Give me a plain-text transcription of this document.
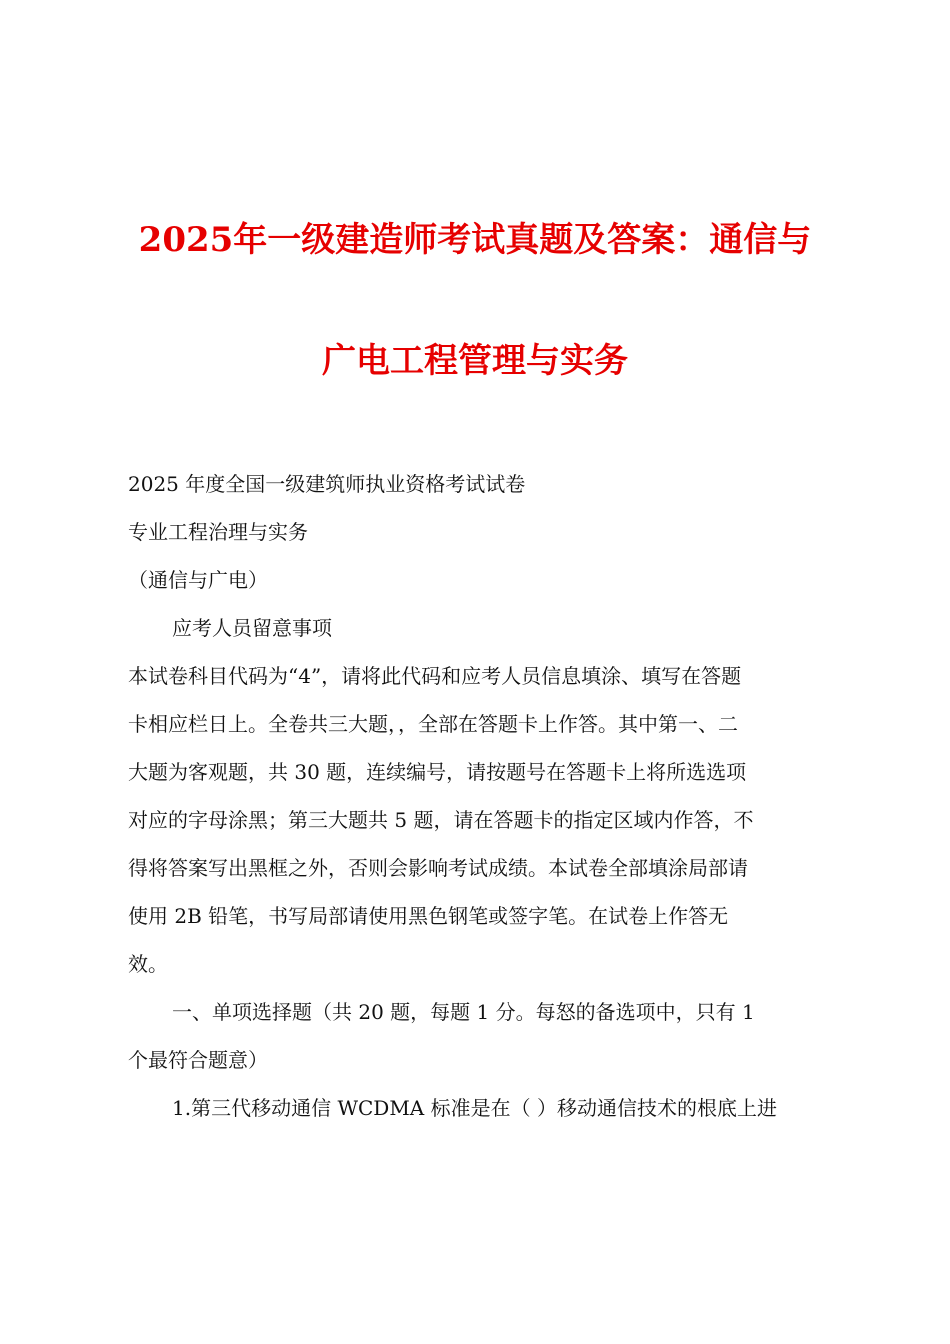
2025年一级建造师考试真题及答案：通信与
广电工程管理与实务
2025 年度全国一级建筑师执业资格考试试卷
专业工程治理与实务
（通信与广电）
应考人员留意事项
本试卷科目代码为“4”，请将此代码和应考人员信息填涂、填写在答题
卡相应栏日上。全卷共三大题，，全部在答题卡上作答。其中第一、二
大题为客观题，共 30 题，连续编号，请按题号在答题卡上将所选选项
对应的字母涂黑；第三大题共 5 题，请在答题卡的指定区域内作答，不
得将答案写出黑框之外，否则会影响考试成绩。本试卷全部填涂局部请
使用 2B 铅笔，书写局部请使用黑色钢笔或签字笔。在试卷上作答无
效。
一、单项选择题（共 20 题，每题 1 分。每怒的备选项中，只有 1
个最符合题意）
1.第三代移动通信 WCDMA 标准是在（ ）移动通信技术的根底上进
